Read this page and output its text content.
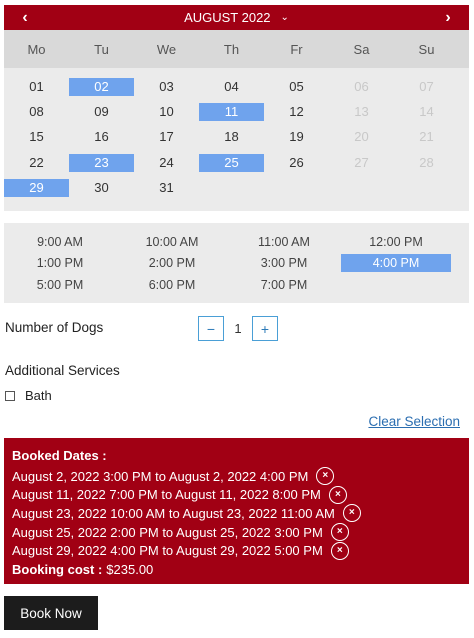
‹	AUGUST 2022 ⌄	›
Mo	Tu	We	Th	Fr	Sa	Su
01	02	03	04	05	06	07
08	09	10	11	12	13	14
15	16	17	18	19	20	21
22	23	24	25	26	27	28
29	30	31
9:00 AM	10:00 AM	11:00 AM	12:00 PM
1:00 PM	2:00 PM	3:00 PM	4:00 PM
5:00 PM	6:00 PM	7:00 PM
Number of Dogs	−	1	+
Additional Services
Bath
Clear Selection
Booked Dates :
August 2, 2022 3:00 PM to August 2, 2022 4:00 PM	×
August 11, 2022 7:00 PM to August 11, 2022 8:00 PM	×
August 23, 2022 10:00 AM to August 23, 2022 11:00 AM	×
August 25, 2022 2:00 PM to August 25, 2022 3:00 PM	×
August 29, 2022 4:00 PM to August 29, 2022 5:00 PM	×
Booking cost : $235.00
Book Now
